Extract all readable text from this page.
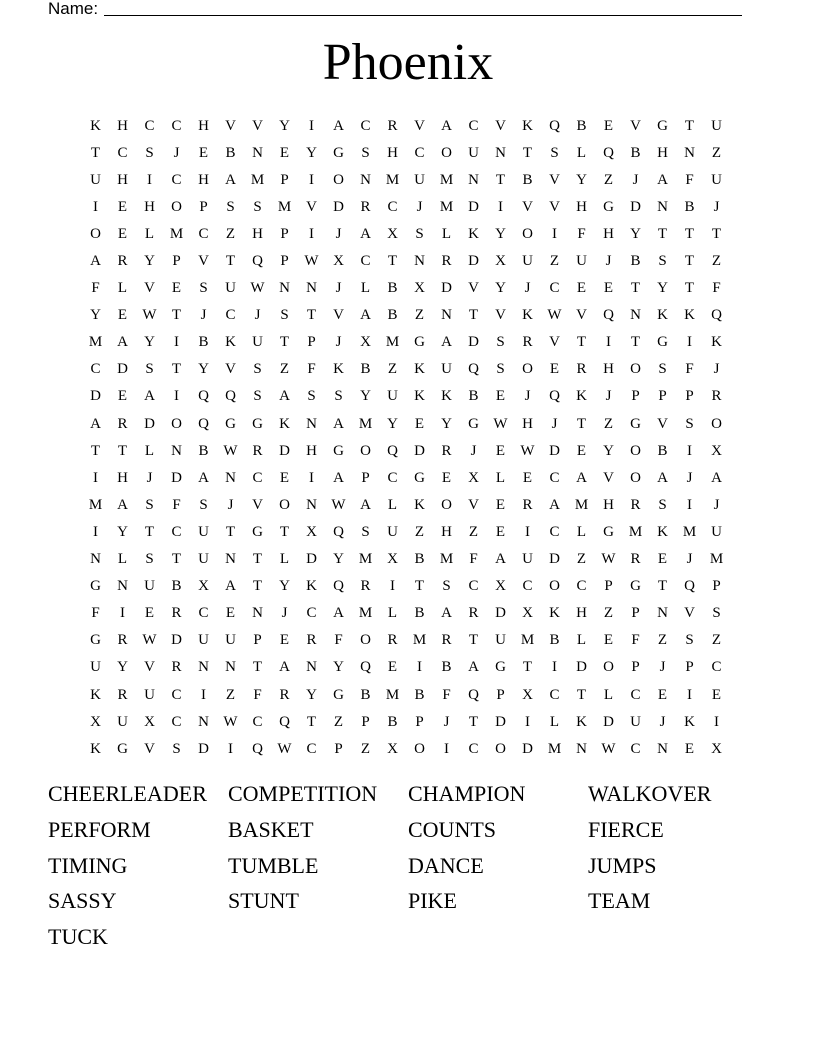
Name:
Phoenix
K	H	C	C	H	V	V	Y	I	A	C	R	V	A	C	V	K	Q	B	E	V	G	T	U
T	C	S	J	E	B	N	E	Y	G	S	H	C	O	U	N	T	S	L	Q	B	H	N	Z
U	H	I	C	H	A M	P	I	O	N M U M N	T	B	V	Y	Z	J	A	F	U
I	E	H	O	P	S	S	M V	D	R	C	J	M D	I	V	V	H	G	D	N	B	J
O	E	L	M	C	Z	H	P	I	J	A	X	S	L	K	Y	O	I	F	H	Y	T	T	T
A	R	Y	P	V	T	Q	P	W X	C	T	N	R	D	X	U	Z	U	J	B	S	T	Z
F	L	V	E	S	U W N	N	J	L	B	X	D	V	Y	J	C	E	E	T	Y	T	F
Y	E	W	T	J	C	J	S	T	V	A	B	Z	N	T	V	K W V	Q	N	K	K	Q
M A	Y	I	B	K	U	T	P	J	X M G	A	D	S	R	V	T	I	T	G	I	K
C	D	S	T	Y	V	S	Z	F	K	B	Z	K	U	Q	S	O	E	R	H	O	S	F	J
D	E	A	I	Q	Q	S	A	S	S	Y	U	K	K	B	E	J	Q	K	J	P	P	P	R
A	R	D	O	Q	G	G	K	N	A M Y	E	Y	G W H	J	T	Z	G	V	S	O
T	T	L	N	B W R	D	H	G	O	Q	D	R	J	E	W D	E	Y	O	B	I	X
I	H	J	D	A	N	C	E	I	A	P	C	G	E	X	L	E	C	A	V	O	A	J	A
M A	S	F	S	J	V	O	N W A	L	K	O	V	E	R	A M H	R	S	I	J
I	Y	T	C	U	T	G	T	X	Q	S	U	Z	H	Z	E	I	C	L	G M K M U
N	L	S	T	U	N	T	L	D	Y M X	B	M	F	A	U	D	Z	W R	E	J	M
G	N	U	B	X	A	T	Y	K	Q	R	I	T	S	C	X	C	O	C	P	G	T	Q	P
F	I	E	R	C	E	N	J	C	A M	L	B	A	R	D	X	K	H	Z	P	N	V	S
G	R W D	U	U	P	E	R	F	O	R	M	R	T	U M	B	L	E	F	Z	S	Z
U	Y	V	R	N	N	T	A	N	Y	Q	E	I	B	A	G	T	I	D	O	P	J	P	C
K	R	U	C	I	Z	F	R	Y	G	B	M	B	F	Q	P	X	C	T	L	C	E	I	E
X	U	X	C	N W C	Q	T	Z	P	B	P	J	T	D	I	L	K	D	U	J	K	I
K	G	V	S	D	I	Q W C	P	Z	X	O	I	C	O	D M N W C	N	E	X
CHEERLEADER COMPETITION	CHAMPION	WALKOVER
PERFORM	BASKET	COUNTS	FIERCE
TIMING	TUMBLE	DANCE	JUMPS
SASSY	STUNT	PIKE	TEAM
TUCK
